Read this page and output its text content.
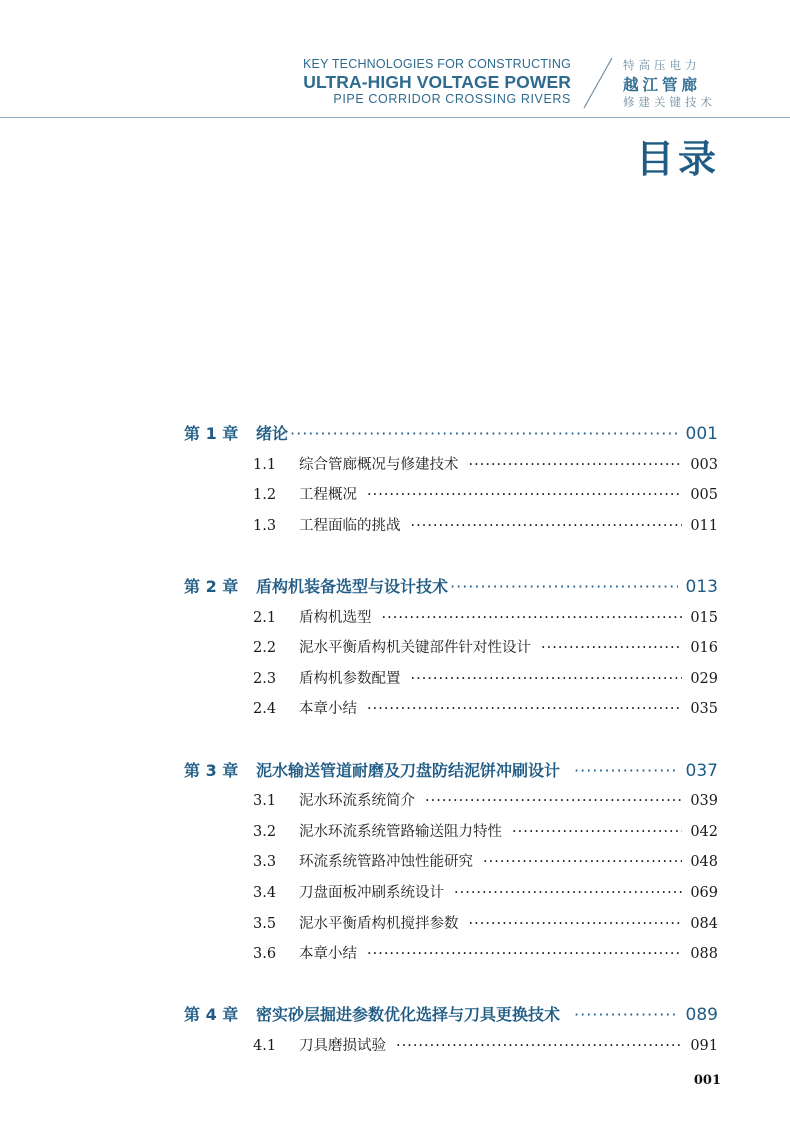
KEY TECHNOLOGIES FOR CONSTRUCTING
ULTRA-HIGH VOLTAGE POWER
PIPE CORRIDOR CROSSING RIVERS
特高压电力
越江管廊
修建关键技术
目录
第 1 章	绪论 ·····	001
1.1	综合管廊概况与修建技术 ·····	003
1.2	工程概况 ·····	005
1.3	工程面临的挑战 ·····	011
第 2 章	盾构机装备选型与设计技术 ·····	013
2.1	盾构机选型 ·····	015
2.2	泥水平衡盾构机关键部件针对性设计 ·····	016
2.3	盾构机参数配置 ·····	029
2.4	本章小结 ·····	035
第 3 章	泥水输送管道耐磨及刀盘防结泥饼冲刷设计 ·····	037
3.1	泥水环流系统简介 ·····	039
3.2	泥水环流系统管路输送阻力特性 ·····	042
3.3	环流系统管路冲蚀性能研究 ·····	048
3.4	刀盘面板冲刷系统设计 ·····	069
3.5	泥水平衡盾构机搅拌参数 ·····	084
3.6	本章小结 ·····	088
第 4 章	密实砂层掘进参数优化选择与刀具更换技术 ·····	089
4.1	刀具磨损试验 ·····	091
001
